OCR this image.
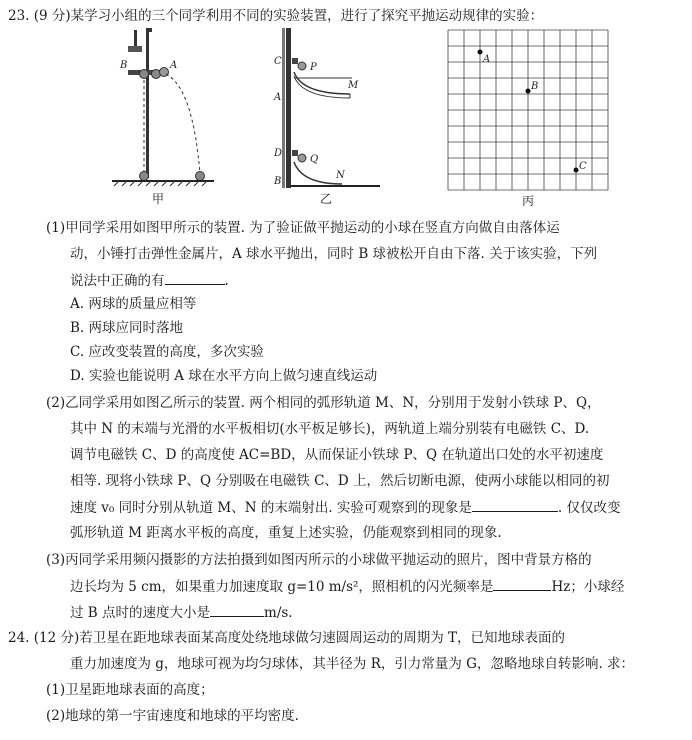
23. (9 分)某学习小组的三个同学利用不同的实验装置，进行了探究平抛运动规律的实验：
B	A
甲
C
P
M
A
D
Q
B
N
乙
A
B
C
丙
(1)甲同学采用如图甲所示的装置. 为了验证做平抛运动的小球在竖直方向做自由落体运
动，小锤打击弹性金属片，A 球水平抛出，同时 B 球被松开自由下落. 关于该实验，下列
说法中正确的有	.
A. 两球的质量应相等
B. 两球应同时落地
C. 应改变装置的高度，多次实验
D. 实验也能说明 A 球在水平方向上做匀速直线运动
(2)乙同学采用如图乙所示的装置. 两个相同的弧形轨道 M、N，分别用于发射小铁球 P、Q，
其中 N 的末端与光滑的水平板相切(水平板足够长)，两轨道上端分别装有电磁铁 C、D.
调节电磁铁 C、D 的高度使 AC=BD，从而保证小铁球 P、Q 在轨道出口处的水平初速度
相等. 现将小铁球 P、Q 分别吸在电磁铁 C、D 上，然后切断电源，使两小球能以相同的初
速度 v₀ 同时分别从轨道 M、N 的末端射出. 实验可观察到的现象是	. 仅仅改变
弧形轨道 M 距离水平板的高度，重复上述实验，仍能观察到相同的现象.
(3)丙同学采用频闪摄影的方法拍摄到如图丙所示的小球做平抛运动的照片，图中背景方格的
边长均为 5 cm，如果重力加速度取 g=10 m/s²，照相机的闪光频率是	Hz；小球经
过 B 点时的速度大小是	m/s.
24. (12 分)若卫星在距地球表面某高度处绕地球做匀速圆周运动的周期为 T，已知地球表面的
重力加速度为 g，地球可视为均匀球体，其半径为 R，引力常量为 G，忽略地球自转影响. 求：
(1)卫星距地球表面的高度；
(2)地球的第一宇宙速度和地球的平均密度.
